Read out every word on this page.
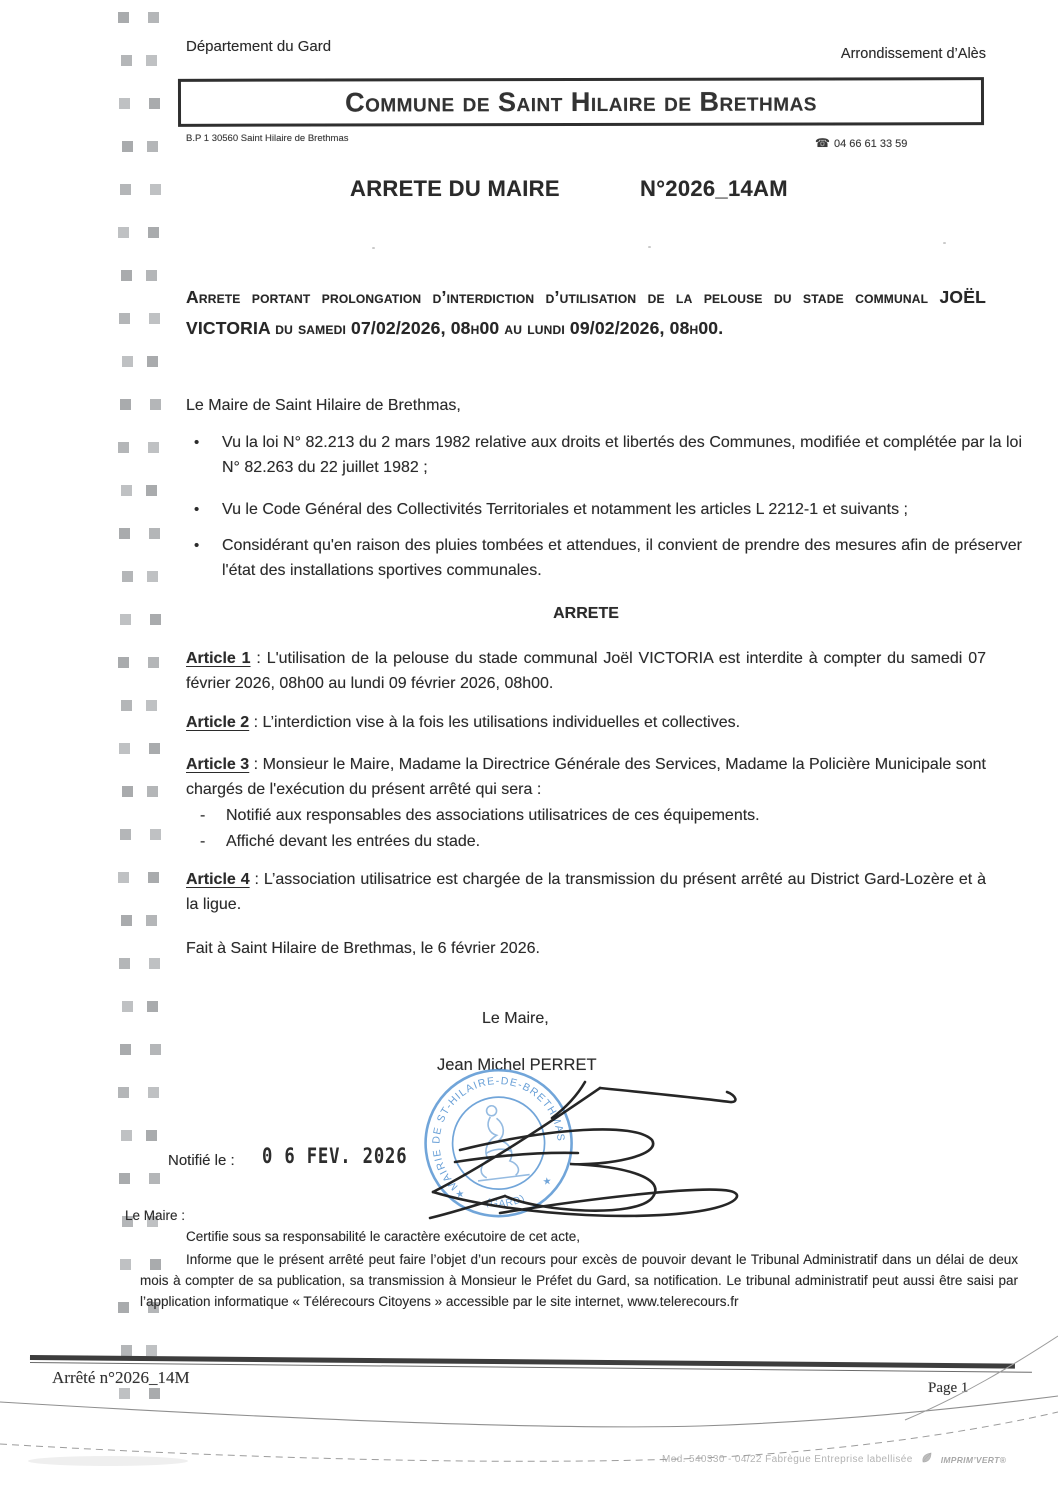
Département du Gard	Arrondissement d’Alès
Commune de Saint Hilaire de Brethmas
B.P 1 30560 Saint Hilaire de Brethmas	☎ 04 66 61 33 59
ARRETE DU MAIRE	N°2026_14AM
Arrete portant prolongation d’interdiction d’utilisation de la pelouse du stade communal JOËL VICTORIA du samedi 07/02/2026, 08h00 au lundi 09/02/2026, 08h00.
Le Maire de Saint Hilaire de Brethmas,
• Vu la loi N° 82.213 du 2 mars 1982 relative aux droits et libertés des Communes, modifiée et complétée par la loi N° 82.263 du 22 juillet 1982 ;
• Vu le Code Général des Collectivités Territoriales et notamment les articles L 2212-1 et suivants ;
• Considérant qu'en raison des pluies tombées et attendues, il convient de prendre des mesures afin de préserver l'état des installations sportives communales.
ARRETE
Article 1 : L'utilisation de la pelouse du stade communal Joël VICTORIA est interdite à compter du samedi 07 février 2026, 08h00 au lundi 09 février 2026, 08h00.
Article 2 : L’interdiction vise à la fois les utilisations individuelles et collectives.
Article 3 : Monsieur le Maire, Madame la Directrice Générale des Services, Madame la Policière Municipale sont chargés de l'exécution du présent arrêté qui sera :
- Notifié aux responsables des associations utilisatrices de ces équipements.
- Affiché devant les entrées du stade.
Article 4 : L’association utilisatrice est chargée de la transmission du présent arrêté au District Gard-Lozère et à la ligue.
Fait à Saint Hilaire de Brethmas, le 6 février 2026.
Le Maire,
Jean Michel PERRET
MAIRIE DE ST-HILAIRE-DE-BRETHMAS
(GARD)
★
★
Notifié le : 0 6 FEV. 2026
Le Maire :
Certifie sous sa responsabilité le caractère exécutoire de cet acte,
Informe que le présent arrêté peut faire l’objet d’un recours pour excès de pouvoir devant le Tribunal Administratif dans un délai de deux mois à compter de sa publication, sa transmission à Monsieur le Préfet du Gard, sa notification. Le tribunal administratif peut aussi être saisi par l’application informatique « Télérecours Citoyens » accessible par le site internet, www.telerecours.fr
Arrêté n°2026_14M
Page 1
Mod. 540330 - 04/22 Fabrègue Entreprise labellisée	IMPRIM’VERT®
